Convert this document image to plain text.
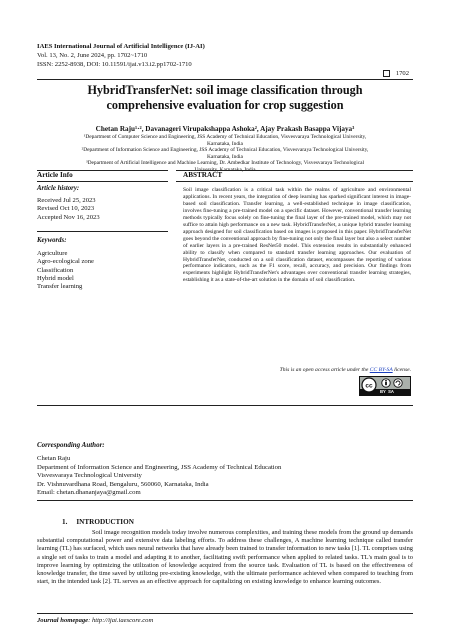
IAES International Journal of Artificial Intelligence (IJ-AI)
Vol. 13, No. 2, June 2024, pp. 1702~1710
ISSN: 2252-8938, DOI: 10.11591/ijai.v13.i2.pp1702-1710
1702
HybridTransferNet: soil image classification through
comprehensive evaluation for crop suggestion
Chetan Raju¹·², Davanageri Virupakshappa Ashoka², Ajay Prakash Basappa Vijaya³
¹Department of Computer Science and Engineering, JSS Academy of Technical Education, Visvesvaraya Technological University,
Karnataka, India
²Department of Information Science and Engineering, JSS Academy of Technical Education, Visvesvaraya Technological University,
Karnataka, India
³Department of Artificial Intelligence and Machine Learning, Dr. Ambedkar Institute of Technology, Visvesvaraya Technological
University, Karnataka, India
Article Info	ABSTRACT
Article history:
Received Jul 25, 2023
Revised Oct 10, 2023
Accepted Nov 16, 2023
Keywords:
Agriculture
Agro-ecological zone
Classification
Hybrid model
Transfer learning
Soil image classification is a critical task within the realms of agriculture and environmental applications. In recent years, the integration of deep learning has sparked significant interest in image-based soil classification. Transfer learning, a well-established technique in image classification, involves fine-tuning a pre-trained model on a specific dataset. However, conventional transfer learning methods typically focus solely on fine-tuning the final layer of the pre-trained model, which may not suffice to attain high performance on a new task. HybridTransferNet, a unique hybrid transfer learning approach designed for soil classification based on images is proposed in this paper. HybridTransferNet goes beyond the conventional approach by fine-tuning not only the final layer but also a select number of earlier layers in a pre-trained ResNet50 model. This extension results in substantially enhanced ability to classify when compared to standard transfer learning approaches. Our evaluation of HybridTransferNet, conducted on a soil classification dataset, encompasses the reporting of various performance indicators, such as the F1 score, recall, accuracy, and precision. Our findings from experiments highlight HybridTransferNet's advantages over conventional transfer learning strategies, establishing it as a state-of-the-art solution in the domain of soil classification.
This is an open access article under the CC BY-SA license.
cc
BY  SA
Corresponding Author:
Chetan Raju
Department of Information Science and Engineering, JSS Academy of Technical Education
Visvesvaraya Technological University
Dr. Vishnuvardhana Road, Bengaluru, 560060, Karnataka, India
Email: chetan.dhananjaya@gmail.com
1.     INTRODUCTION
Soil image recognition models today involve numerous complexities, and training these models from the ground up demands substantial computational power and extensive data labeling efforts. To address these challenges, A machine learning technique called transfer learning (TL) has surfaced, which uses neural networks that have already been trained to transfer information to new tasks [1]. TL comprises using a single set of tasks to train a model and adapting it to another, facilitating swift performance when applied to related tasks. TL's main goal is to improve learning by optimizing the utilization of knowledge acquired from the source task. Evaluation of TL is based on the effectiveness of knowledge transfer, the time saved by utilizing pre-existing knowledge, with the ultimate performance achieved when compared to teaching from start, in the intended task [2]. TL serves as an effective approach for capitalizing on existing knowledge to enhance learning outcomes.
Journal homepage: http://ijai.iaescore.com
